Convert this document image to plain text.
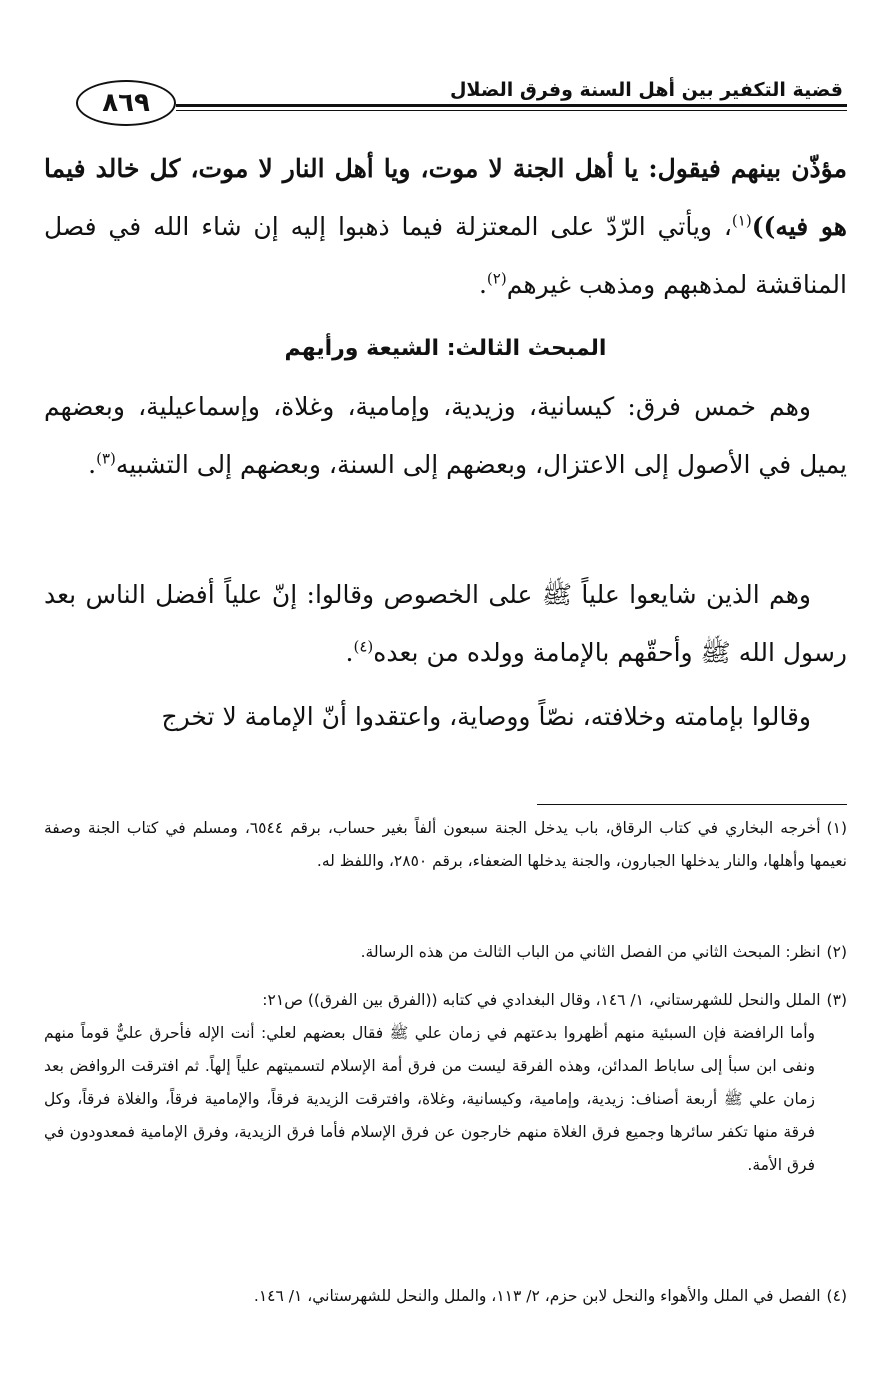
قضية التكفير بين أهل السنة وفرق الضلال
٨٦٩
مؤذّن بينهم فيقول: يا أهل الجنة لا موت، ويا أهل النار لا موت، كل خالد فيما هو فيه))$^{(١)}$، ويأتي الرّدّ على المعتزلة فيما ذهبوا إليه إن شاء الله في فصل المناقشة لمذهبهم ومذهب غيرهم$^{(٢)}$.
المبحث الثالث: الشيعة ورأيهم
وهم خمس فرق: كيسانية، وزيدية، وإمامية، وغلاة، وإسماعيلية، وبعضهم يميل في الأصول إلى الاعتزال، وبعضهم إلى السنة، وبعضهم إلى التشبيه$^{(٣)}$.
وهم الذين شايعوا علياً ﷺ على الخصوص وقالوا: إنّ علياً أفضل الناس بعد رسول الله ﷺ وأحقّهم بالإمامة وولده من بعده$^{(٤)}$.
وقالوا بإمامته وخلافته، نصّاً ووصاية، واعتقدوا أنّ الإمامة لا تخرج
(١)أخرجه البخاري في كتاب الرقاق، باب يدخل الجنة سبعون ألفاً بغير حساب، برقم ٦٥٤٤، ومسلم في كتاب الجنة وصفة نعيمها وأهلها، والنار يدخلها الجبارون، والجنة يدخلها الضعفاء، برقم ٢٨٥٠، واللفظ له.
(٢)انظر: المبحث الثاني من الفصل الثاني من الباب الثالث من هذه الرسالة.
(٣)الملل والنحل للشهرستاني، ١/ ١٤٦، وقال البغدادي في كتابه ((الفرق بين الفرق)) ص٢١:
وأما الرافضة فإن السبئية منهم أظهروا بدعتهم في زمان علي ﷺ فقال بعضهم لعلي: أنت الإله فأحرق عليٌّ قوماً منهم ونفى ابن سبأ إلى ساباط المدائن، وهذه الفرقة ليست من فرق أمة الإسلام لتسميتهم علياً إلهاً. ثم افترقت الروافض بعد زمان علي ﷺ أربعة أصناف: زيدية، وإمامية، وكيسانية، وغلاة، وافترقت الزيدية فرقاً، والإمامية فرقاً، والغلاة فرقاً، وكل فرقة منها تكفر سائرها وجميع فرق الغلاة منهم خارجون عن فرق الإسلام فأما فرق الزيدية، وفرق الإمامية فمعدودون في فرق الأمة.
(٤)الفصل في الملل والأهواء والنحل لابن حزم، ٢/ ١١٣، والملل والنحل للشهرستاني، ١/ ١٤٦.
